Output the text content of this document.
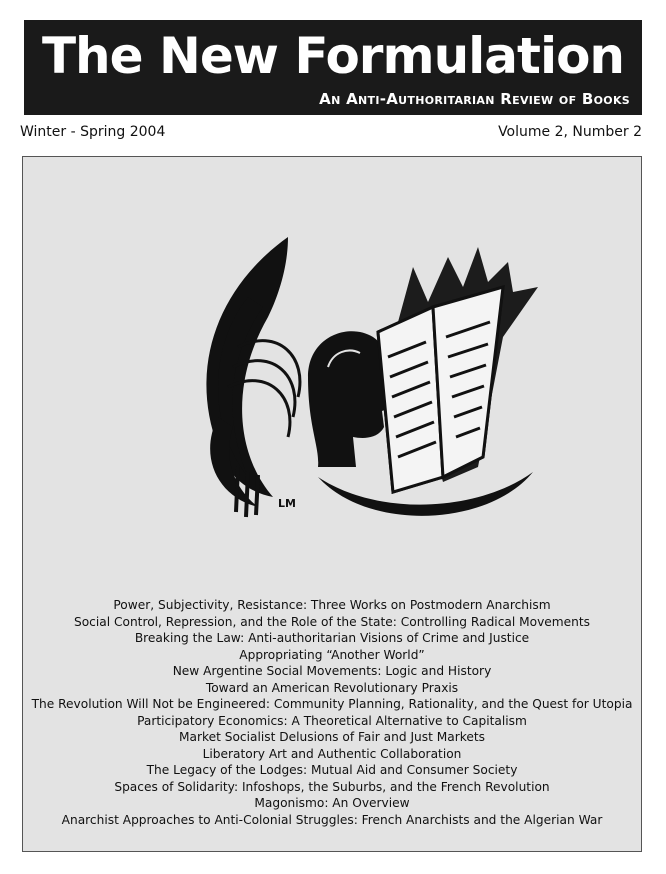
The New Formulation
An Anti-Authoritarian Review of Books
Winter - Spring 2004	Volume 2, Number 2
LM
Power, Subjectivity, Resistance: Three Works on Postmodern Anarchism
Social Control, Repression, and the Role of the State: Controlling Radical Movements
Breaking the Law: Anti-authoritarian Visions of Crime and Justice
Appropriating “Another World”
New Argentine Social Movements: Logic and History
Toward an American Revolutionary Praxis
The Revolution Will Not be Engineered: Community Planning, Rationality, and the Quest for Utopia
Participatory Economics: A Theoretical Alternative to Capitalism
Market Socialist Delusions of Fair and Just Markets
Liberatory Art and Authentic Collaboration
The Legacy of the Lodges: Mutual Aid and Consumer Society
Spaces of Solidarity: Infoshops, the Suburbs, and the French Revolution
Magonismo: An Overview
Anarchist Approaches to Anti-Colonial Struggles: French Anarchists and the Algerian War
